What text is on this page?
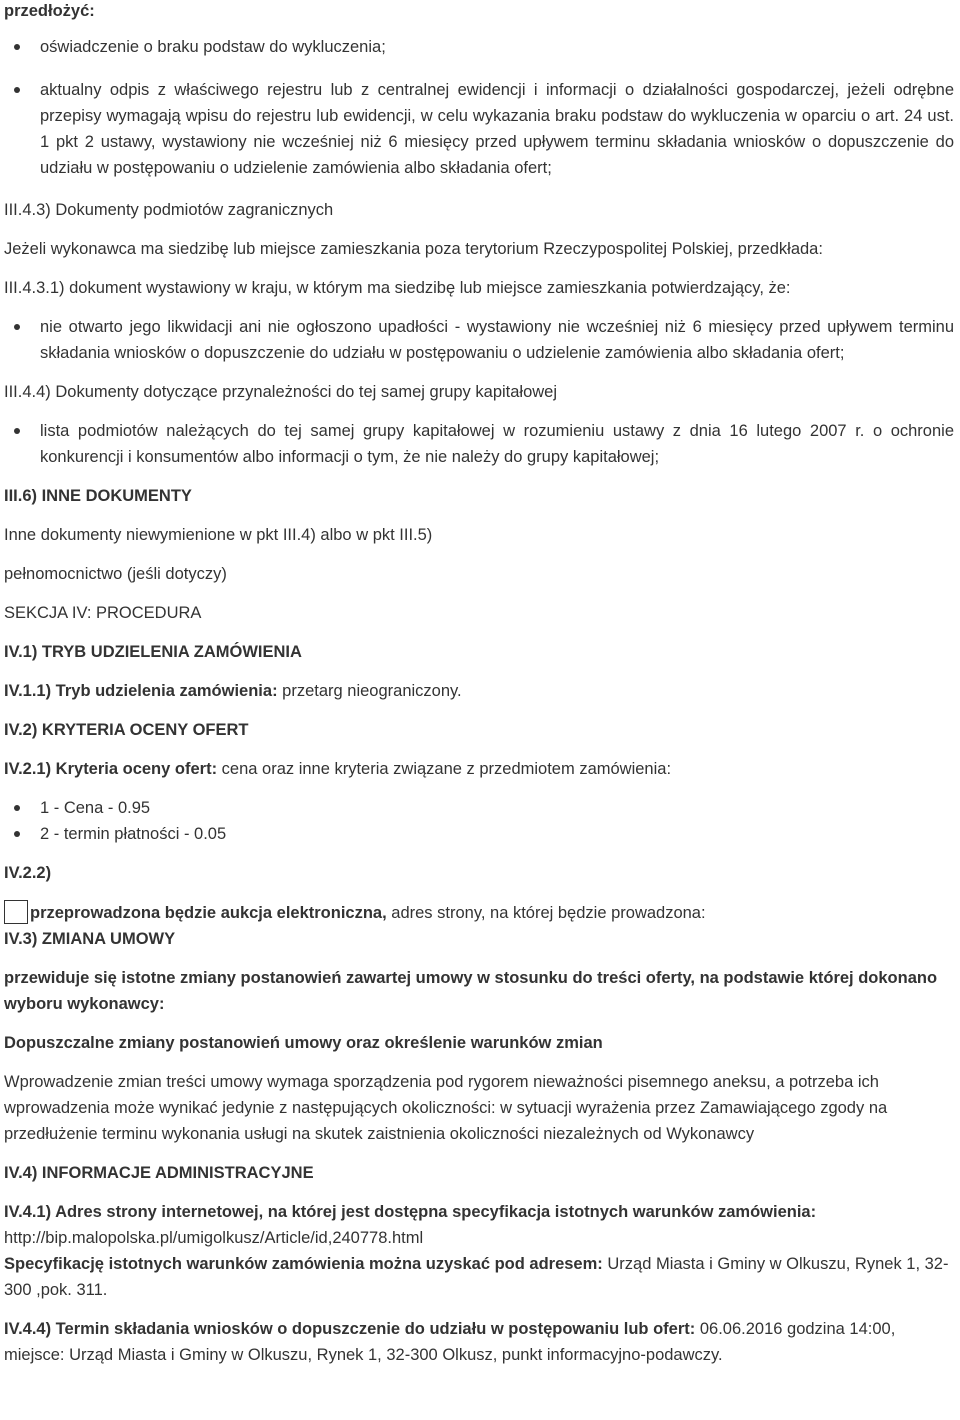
przedłożyć:

oświadczenie o braku podstaw do wykluczenia;
aktualny odpis z właściwego rejestru lub z centralnej ewidencji i informacji o działalności gospodarczej, jeżeli odrębne przepisy wymagają wpisu do rejestru lub ewidencji, w celu wykazania braku podstaw do wykluczenia w oparciu o art. 24 ust. 1 pkt 2 ustawy, wystawiony nie wcześniej niż 6 miesięcy przed upływem terminu składania wniosków o dopuszczenie do udziału w postępowaniu o udzielenie zamówienia albo składania ofert;

III.4.3) Dokumenty podmiotów zagranicznych

Jeżeli wykonawca ma siedzibę lub miejsce zamieszkania poza terytorium Rzeczypospolitej Polskiej, przedkłada:

III.4.3.1) dokument wystawiony w kraju, w którym ma siedzibę lub miejsce zamieszkania potwierdzający, że:

nie otwarto jego likwidacji ani nie ogłoszono upadłości - wystawiony nie wcześniej niż 6 miesięcy przed upływem terminu składania wniosków o dopuszczenie do udziału w postępowaniu o udzielenie zamówienia albo składania ofert;

III.4.4) Dokumenty dotyczące przynależności do tej samej grupy kapitałowej

lista podmiotów należących do tej samej grupy kapitałowej w rozumieniu ustawy z dnia 16 lutego 2007 r. o ochronie konkurencji i konsumentów albo informacji o tym, że nie należy do grupy kapitałowej;

III.6) INNE DOKUMENTY

Inne dokumenty niewymienione w pkt III.4) albo w pkt III.5)

pełnomocnictwo (jeśli dotyczy)

SEKCJA IV: PROCEDURA

IV.1) TRYB UDZIELENIA ZAMÓWIENIA

IV.1.1) Tryb udzielenia zamówienia: przetarg nieograniczony.

IV.2) KRYTERIA OCENY OFERT

IV.2.1) Kryteria oceny ofert: cena oraz inne kryteria związane z przedmiotem zamówienia:

1 - Cena - 0.95
2 - termin płatności - 0.05

IV.2.2)

przeprowadzona będzie aukcja elektroniczna, adres strony, na której będzie prowadzona:

IV.3) ZMIANA UMOWY

przewiduje się istotne zmiany postanowień zawartej umowy w stosunku do treści oferty, na podstawie której dokonano wyboru wykonawcy:

Dopuszczalne zmiany postanowień umowy oraz określenie warunków zmian

Wprowadzenie zmian treści umowy wymaga sporządzenia pod rygorem nieważności pisemnego aneksu, a potrzeba ich wprowadzenia może wynikać jedynie z następujących okoliczności: w sytuacji wyrażenia przez Zamawiającego zgody na przedłużenie terminu wykonania usługi na skutek zaistnienia okoliczności niezależnych od Wykonawcy

IV.4) INFORMACJE ADMINISTRACYJNE

IV.4.1) Adres strony internetowej, na której jest dostępna specyfikacja istotnych warunków zamówienia:

http://bip.malopolska.pl/umigolkusz/Article/id,240778.html

Specyfikację istotnych warunków zamówienia można uzyskać pod adresem: Urząd Miasta i Gminy w Olkuszu, Rynek 1, 32-300 ,pok. 311.

IV.4.4) Termin składania wniosków o dopuszczenie do udziału w postępowaniu lub ofert: 06.06.2016 godzina 14:00, miejsce: Urząd Miasta i Gminy w Olkuszu, Rynek 1, 32-300 Olkusz, punkt informacyjno-podawczy.
